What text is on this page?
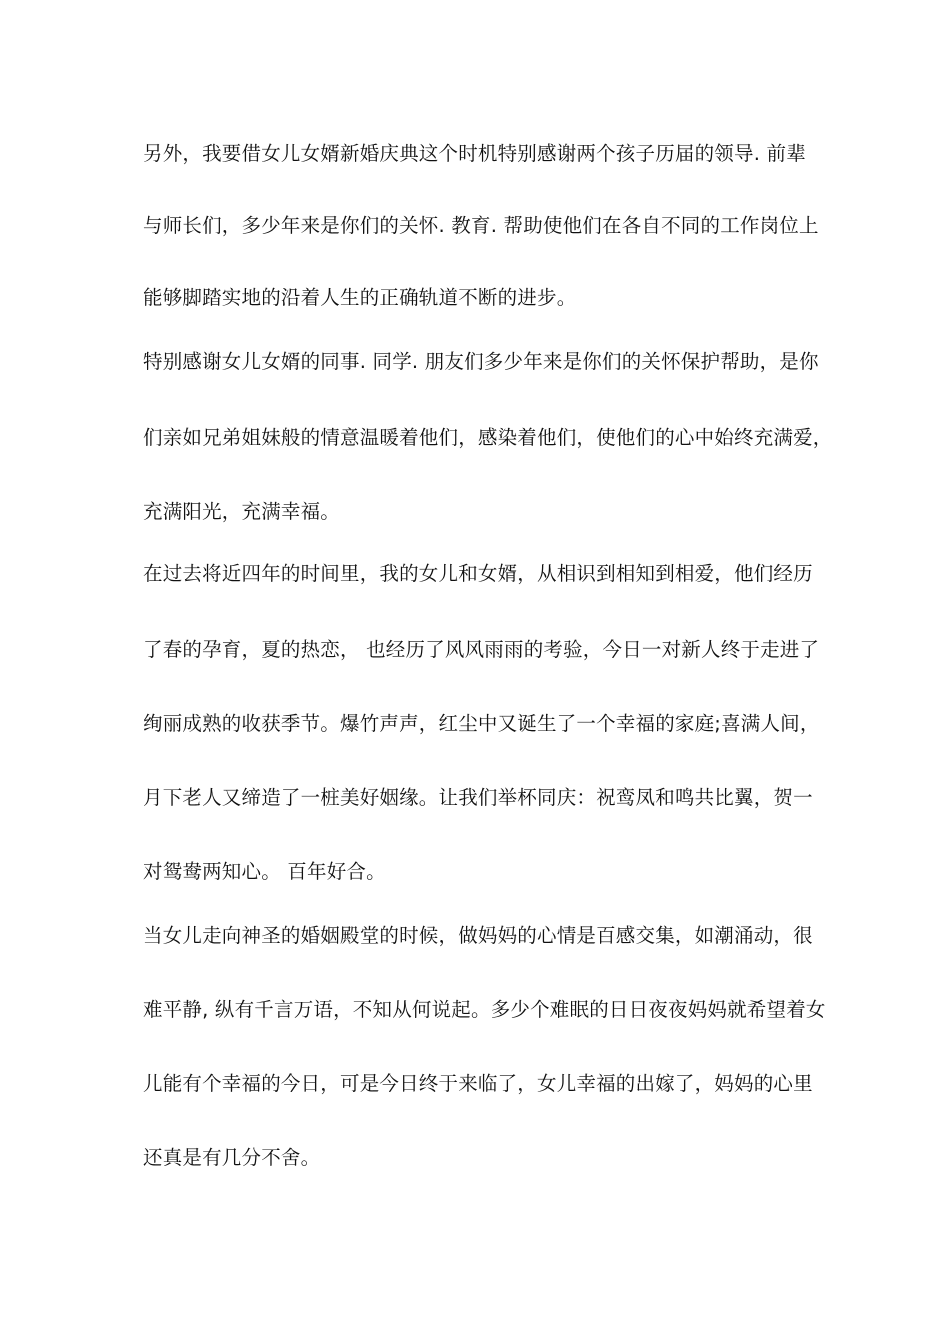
另外，我要借女儿女婿新婚庆典这个时机特别感谢两个孩子历届的领导. 前辈
与师长们，多少年来是你们的关怀. 教育. 帮助使他们在各自不同的工作岗位上
能够脚踏实地的沿着人生的正确轨道不断的进步。
特别感谢女儿女婿的同事. 同学. 朋友们多少年来是你们的关怀保护帮助，是你
们亲如兄弟姐妹般的情意温暖着他们，感染着他们，使他们的心中始终充满爱，
充满阳光，充满幸福。
在过去将近四年的时间里，我的女儿和女婿，从相识到相知到相爱，他们经历
了春的孕育，夏的热恋， 也经历了风风雨雨的考验，今日一对新人终于走进了
绚丽成熟的收获季节。爆竹声声，红尘中又诞生了一个幸福的家庭;喜满人间，
月下老人又缔造了一桩美好姻缘。让我们举杯同庆：祝鸾凤和鸣共比翼，贺一
对鸳鸯两知心。 百年好合。
当女儿走向神圣的婚姻殿堂的时候，做妈妈的心情是百感交集，如潮涌动，很
难平静, 纵有千言万语，不知从何说起。多少个难眠的日日夜夜妈妈就希望着女
儿能有个幸福的今日，可是今日终于来临了，女儿幸福的出嫁了，妈妈的心里
还真是有几分不舍。
